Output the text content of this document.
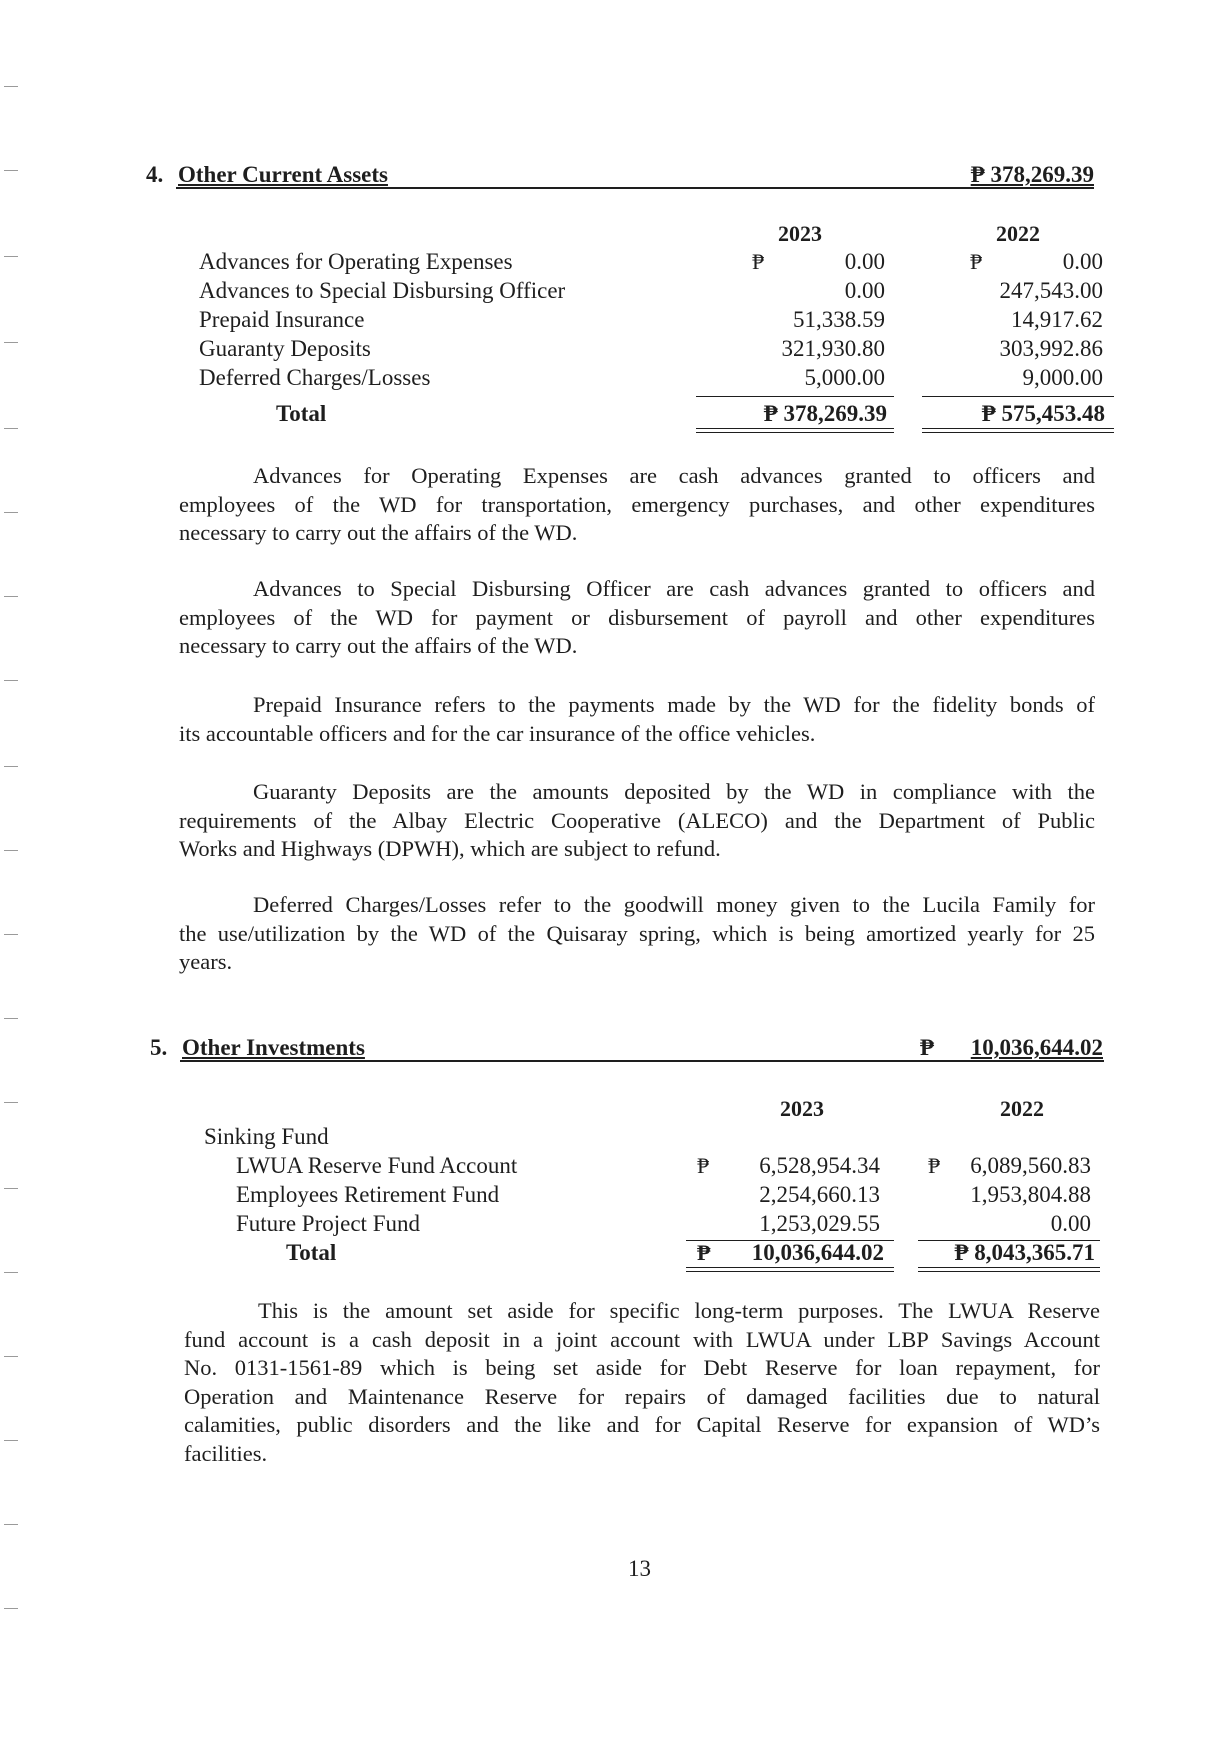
4. Other Current Assets	₱ 378,269.39
2023	2022
Advances for Operating Expenses	₱	0.00	₱	0.00
Advances to Special Disbursing Officer	0.00	247,543.00
Prepaid Insurance	51,338.59	14,917.62
Guaranty Deposits	321,930.80	303,992.86
Deferred Charges/Losses	5,000.00	9,000.00
Total	₱ 378,269.39	₱ 575,453.48
Advances for Operating Expenses are cash advances granted to officers and
employees of the WD for transportation, emergency purchases, and other expenditures
necessary to carry out the affairs of the WD.
Advances to Special Disbursing Officer are cash advances granted to officers and
employees of the WD for payment or disbursement of payroll and other expenditures
necessary to carry out the affairs of the WD.
Prepaid Insurance refers to the payments made by the WD for the fidelity bonds of
its accountable officers and for the car insurance of the office vehicles.
Guaranty Deposits are the amounts deposited by the WD in compliance with the
requirements of the Albay Electric Cooperative (ALECO) and the Department of Public
Works and Highways (DPWH), which are subject to refund.
Deferred Charges/Losses refer to the goodwill money given to the Lucila Family for
the use/utilization by the WD of the Quisaray spring, which is being amortized yearly for 25
years.
5. Other Investments	₱ 10,036,644.02
2023	2022
Sinking Fund
LWUA Reserve Fund Account	₱ 6,528,954.34 ₱ 6,089,560.83
Employees Retirement Fund	2,254,660.13	1,953,804.88
Future Project Fund	1,253,029.55	0.00
Total	₱ 10,036,644.02	₱ 8,043,365.71
This is the amount set aside for specific long-term purposes. The LWUA Reserve
fund account is a cash deposit in a joint account with LWUA under LBP Savings Account
No. 0131-1561-89 which is being set aside for Debt Reserve for loan repayment, for
Operation and Maintenance Reserve for repairs of damaged facilities due to natural
calamities, public disorders and the like and for Capital Reserve for expansion of WD’s
facilities.
13
